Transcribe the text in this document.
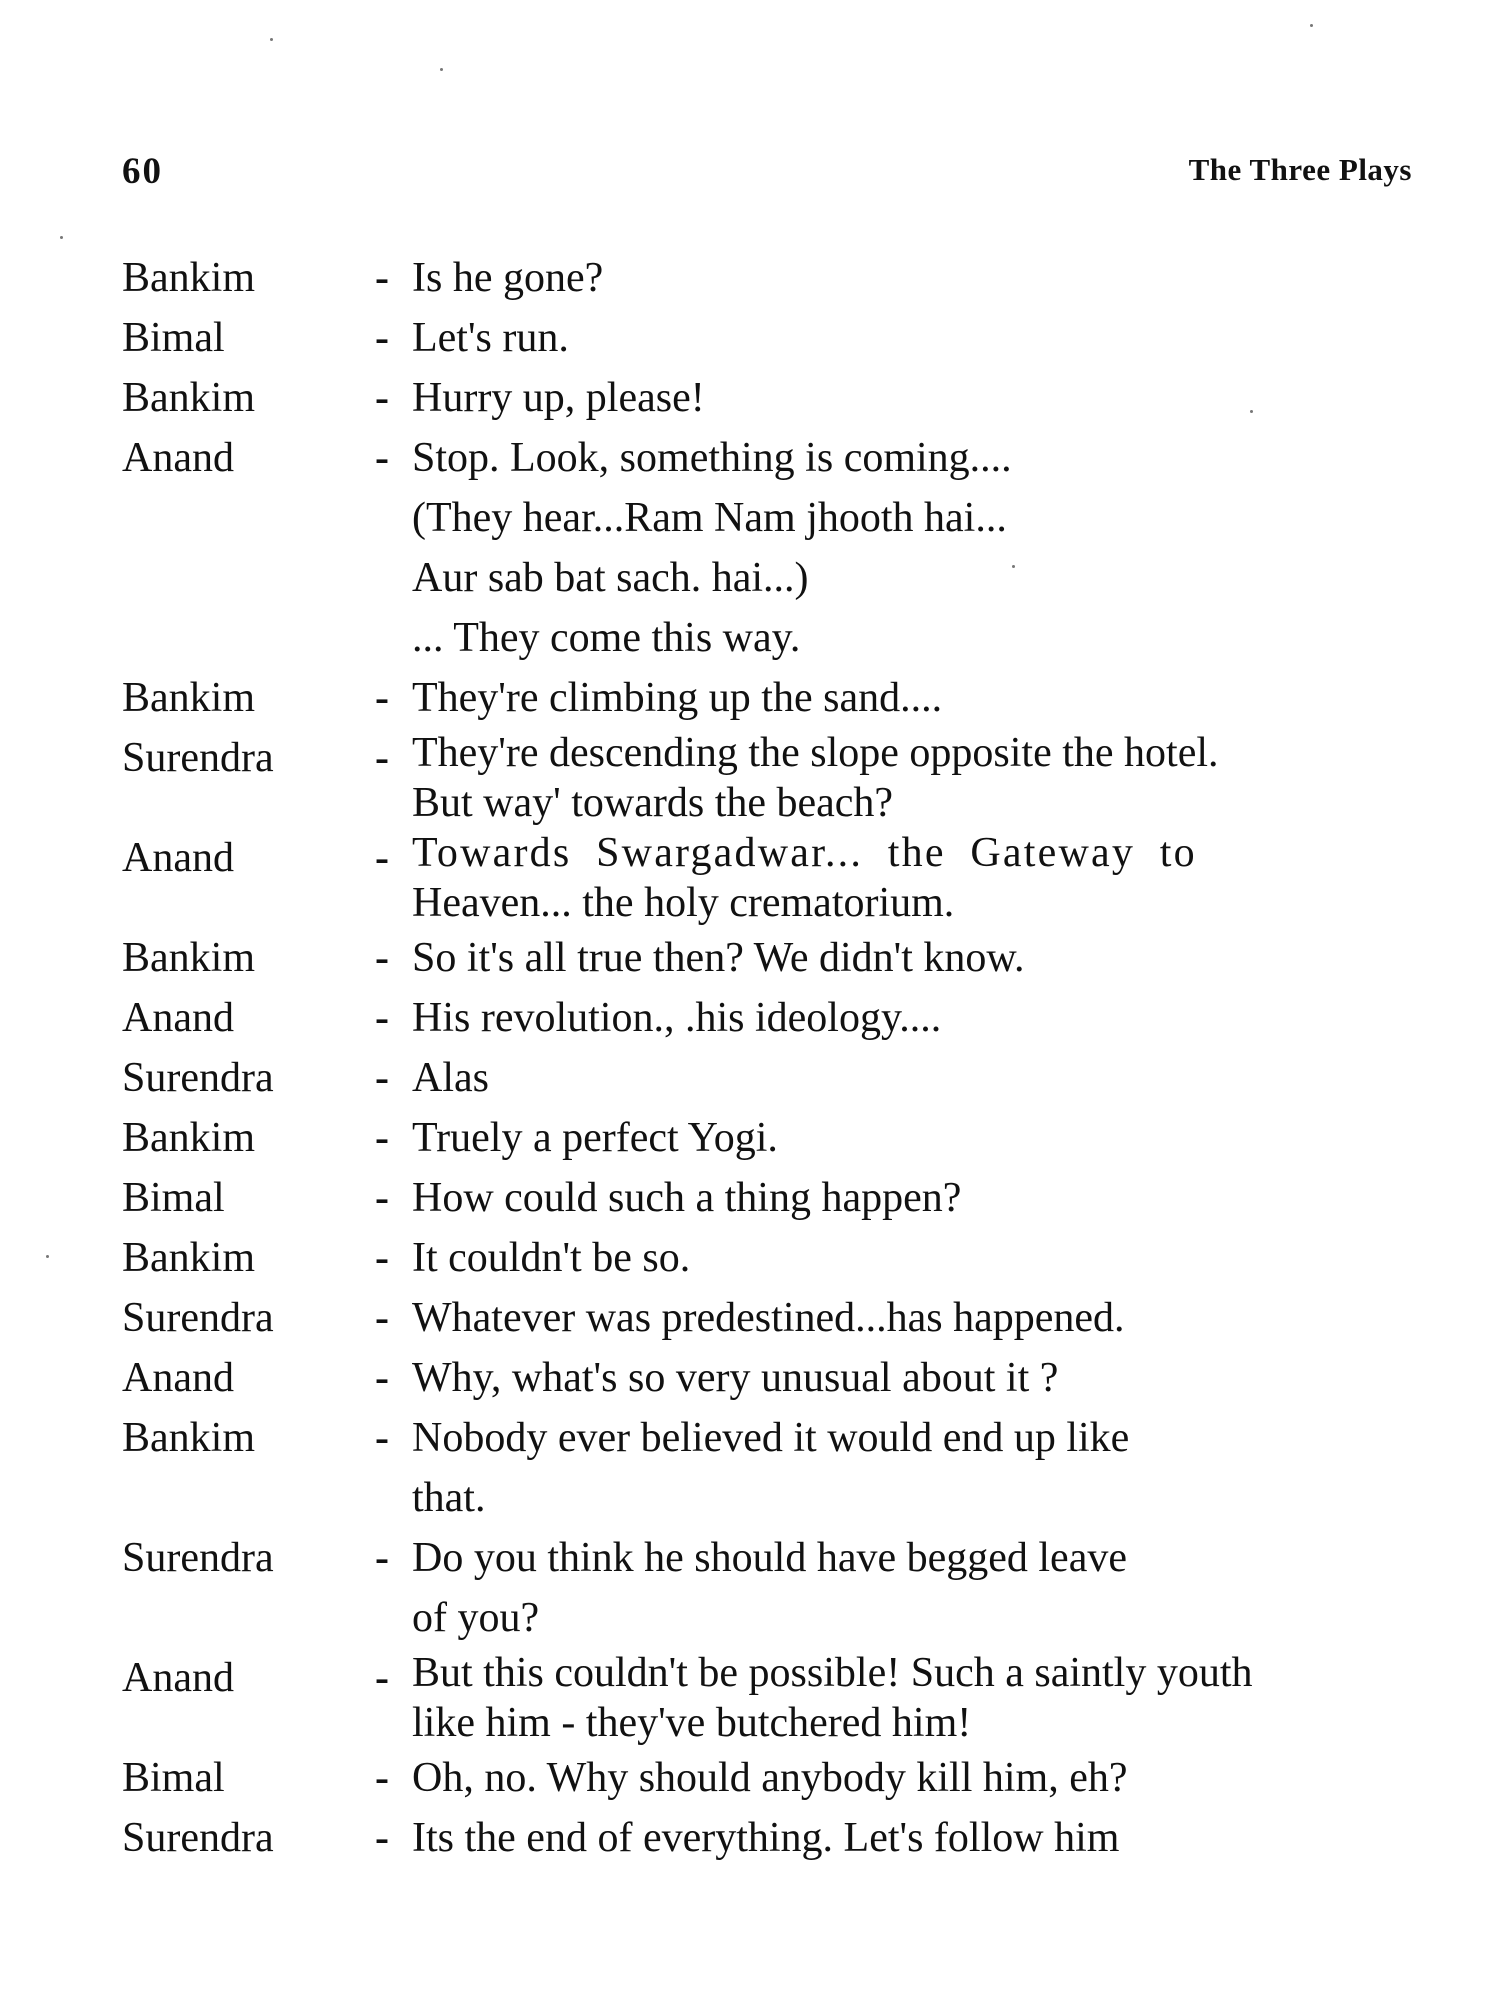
60	The Three Plays
Bankim	- Is he gone?
Bimal	- Let's run.
Bankim	- Hurry up, please!
Anand	- Stop. Look, something is coming....
(They hear...Ram Nam jhooth hai...
Aur sab bat sach. hai...)
... They come this way.
Bankim	- They're climbing up the sand....
Surendra	- They're descending the slope opposite the hotel.
But way' towards the beach?
Anand	- Towards Swargadwar... the Gateway to
Heaven... the holy crematorium.
Bankim	- So it's all true then? We didn't know.
Anand	- His revolution., .his ideology....
Surendra	- Alas
Bankim	- Truely a perfect Yogi.
Bimal	- How could such a thing happen?
Bankim	- It couldn't be so.
Surendra	- Whatever was predestined...has happened.
Anand	- Why, what's so very unusual about it ?
Bankim	- Nobody ever believed it would end up like
that.
Surendra	- Do you think he should have begged leave
of you?
Anand	- But this couldn't be possible! Such a saintly youth
like him - they've butchered him!
Bimal	- Oh, no. Why should anybody kill him, eh?
Surendra	- Its the end of everything. Let's follow him
